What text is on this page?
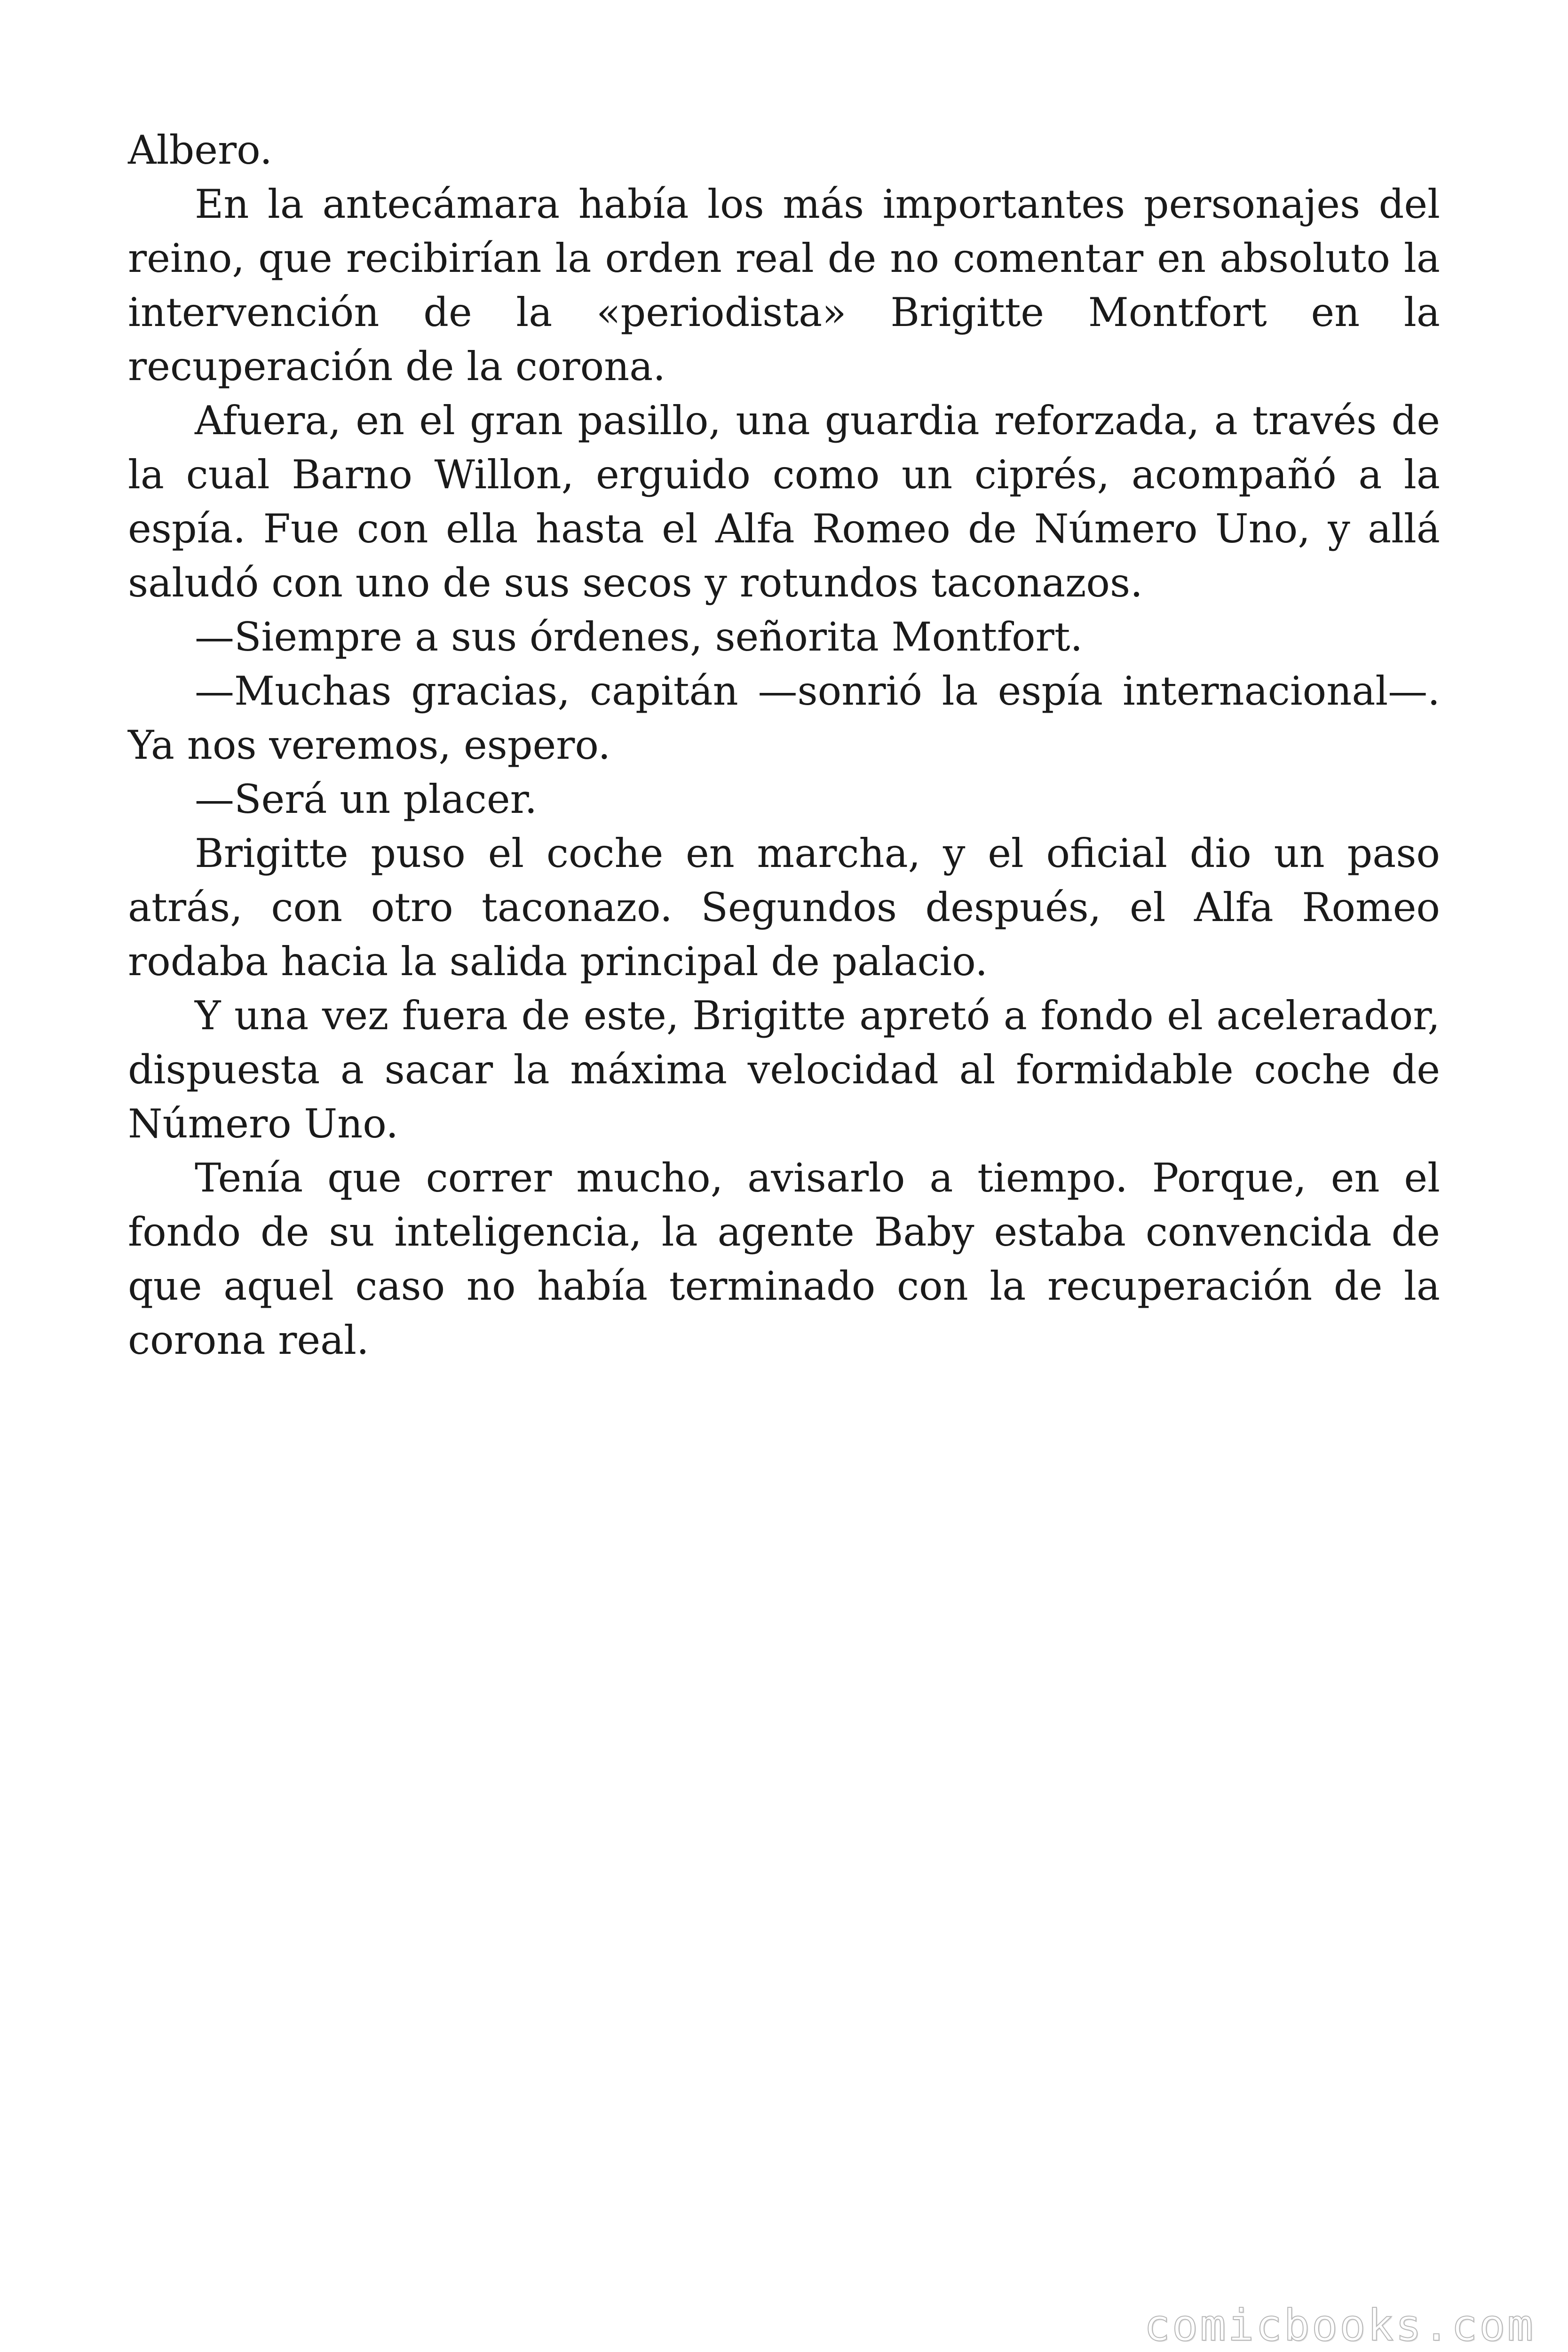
Albero.

En la antecámara había los más importantes personajes del reino, que recibirían la orden real de no comentar en absoluto la intervención de la «periodista» Brigitte Montfort en la recuperación de la corona.

Afuera, en el gran pasillo, una guardia reforzada, a través de la cual Barno Willon, erguido como un ciprés, acompañó a la espía. Fue con ella hasta el Alfa Romeo de Número Uno, y allá saludó con uno de sus secos y rotundos taconazos.

—Siempre a sus órdenes, señorita Montfort.

—Muchas gracias, capitán —sonrió la espía internacional—. Ya nos veremos, espero.

—Será un placer.

Brigitte puso el coche en marcha, y el oficial dio un paso atrás, con otro taconazo. Segundos después, el Alfa Romeo rodaba hacia la salida principal de palacio.

Y una vez fuera de este, Brigitte apretó a fondo el acelerador, dispuesta a sacar la máxima velocidad al formidable coche de Número Uno.

Tenía que correr mucho, avisarlo a tiempo. Porque, en el fondo de su inteligencia, la agente Baby estaba convencida de que aquel caso no había terminado con la recuperación de la corona real.

comicbooks.com
